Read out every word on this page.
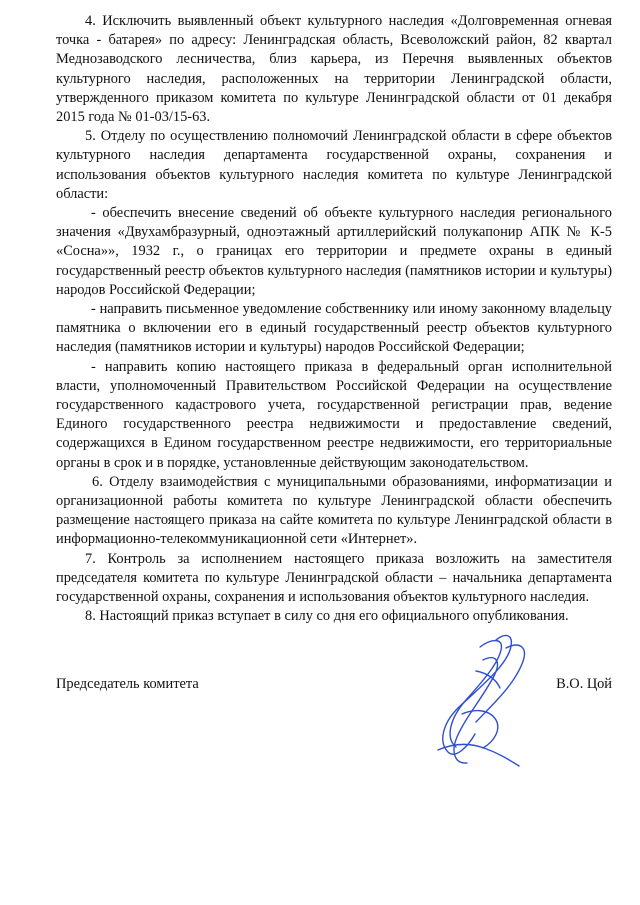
4. Исключить выявленный объект культурного наследия «Долговременная огневая точка - батарея» по адресу: Ленинградская область, Всеволожский район, 82 квартал Меднозаводского лесничества, близ карьера, из Перечня выявленных объектов культурного наследия, расположенных на территории Ленинградской области, утвержденного приказом комитета по культуре Ленинградской области от 01 декабря 2015 года № 01-03/15-63.

5. Отделу по осуществлению полномочий Ленинградской области в сфере объектов культурного наследия департамента государственной охраны, сохранения и использования объектов культурного наследия комитета по культуре Ленинградской области:

- обеспечить внесение сведений об объекте культурного наследия регионального значения «Двухамбразурный, одноэтажный артиллерийский полукапонир АПК № К-5 «Сосна»», 1932 г., о границах его территории и предмете охраны в единый государственный реестр объектов культурного наследия (памятников истории и культуры) народов Российской Федерации;

- направить письменное уведомление собственнику или иному законному владельцу памятника о включении его в единый государственный реестр объектов культурного наследия (памятников истории и культуры) народов Российской Федерации;

- направить копию настоящего приказа в федеральный орган исполнительной власти, уполномоченный Правительством Российской Федерации на осуществление государственного кадастрового учета, государственной регистрации прав, ведение Единого государственного реестра недвижимости и предоставление сведений, содержащихся в Едином государственном реестре недвижимости, его территориальные органы в срок и в порядке, установленные действующим законодательством.

6. Отделу взаимодействия с муниципальными образованиями, информатизации и организационной работы комитета по культуре Ленинградской области обеспечить размещение настоящего приказа на сайте комитета по культуре Ленинградской области в информационно-телекоммуникационной сети «Интернет».

7. Контроль за исполнением настоящего приказа возложить на заместителя председателя комитета по культуре Ленинградской области – начальника департамента государственной охраны, сохранения и использования объектов культурного наследия.

8. Настоящий приказ вступает в силу со дня его официального опубликования.

Председатель комитета	В.О. Цой
